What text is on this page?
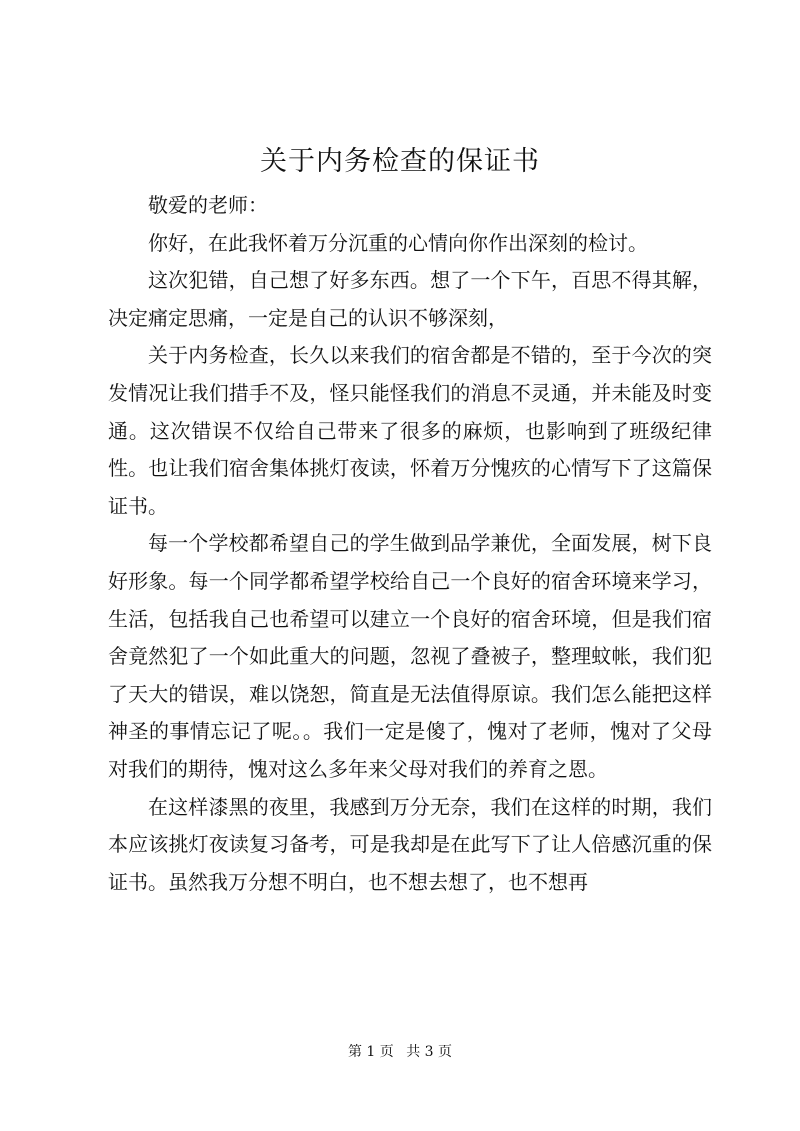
关于内务检查的保证书

敬爱的老师：

你好，在此我怀着万分沉重的心情向你作出深刻的检讨。

这次犯错，自己想了好多东西。想了一个下午，百思不得其解，决定痛定思痛，一定是自己的认识不够深刻，

关于内务检查，长久以来我们的宿舍都是不错的，至于今次的突发情况让我们措手不及，怪只能怪我们的消息不灵通，并未能及时变通。这次错误不仅给自己带来了很多的麻烦，也影响到了班级纪律性。也让我们宿舍集体挑灯夜读，怀着万分愧疚的心情写下了这篇保证书。

每一个学校都希望自己的学生做到品学兼优，全面发展，树下良好形象。每一个同学都希望学校给自己一个良好的宿舍环境来学习，生活，包括我自己也希望可以建立一个良好的宿舍环境，但是我们宿舍竟然犯了一个如此重大的问题，忽视了叠被子，整理蚊帐，我们犯了天大的错误，难以饶恕，简直是无法值得原谅。我们怎么能把这样神圣的事情忘记了呢。。我们一定是傻了，愧对了老师，愧对了父母对我们的期待，愧对这么多年来父母对我们的养育之恩。

在这样漆黑的夜里，我感到万分无奈，我们在这样的时期，我们本应该挑灯夜读复习备考，可是我却是在此写下了让人倍感沉重的保证书。虽然我万分想不明白，也不想去想了，也不想再

第 1 页 共 3 页
